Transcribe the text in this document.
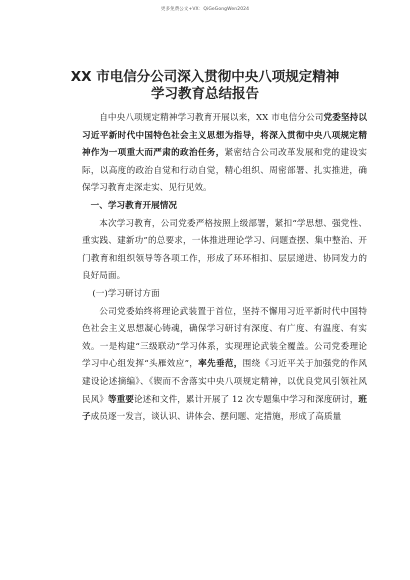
更多免费公文+VX：QiGeGongWen2024
XX 市电信分公司深入贯彻中央八项规定精神
学习教育总结报告

自中央八项规定精神学习教育开展以来，XX 市电信分公司党委坚持以习近平新时代中国特色社会主义思想为指导，将深入贯彻中央八项规定精神作为一项重大而严肃的政治任务，紧密结合公司改革发展和党的建设实际，以高度的政治自觉和行动自觉，精心组织、周密部署、扎实推进，确保学习教育走深走实、见行见效。

一、学习教育开展情况

本次学习教育，公司党委严格按照上级部署，紧扣“学思想、强党性、重实践、建新功”的总要求，一体推进理论学习、问题查摆、集中整治、开门教育和组织领导等各项工作，形成了环环相扣、层层递进、协同发力的良好局面。

(一)学习研讨方面

公司党委始终将理论武装置于首位，坚持不懈用习近平新时代中国特色社会主义思想凝心铸魂，确保学习研讨有深度、有广度、有温度、有实效。一是构建“三级联动”学习体系，实现理论武装全覆盖。公司党委理论学习中心组发挥“头雁效应”，率先垂范，围绕《习近平关于加强党的作风建设论述摘编》、《锲而不舍落实中央八项规定精神，以优良党风引领社风民风》等重要论述和文件，累计开展了 12 次专题集中学习和深度研讨，班子成员逐一发言，谈认识、讲体会、摆问题、定措施，形成了高质量
